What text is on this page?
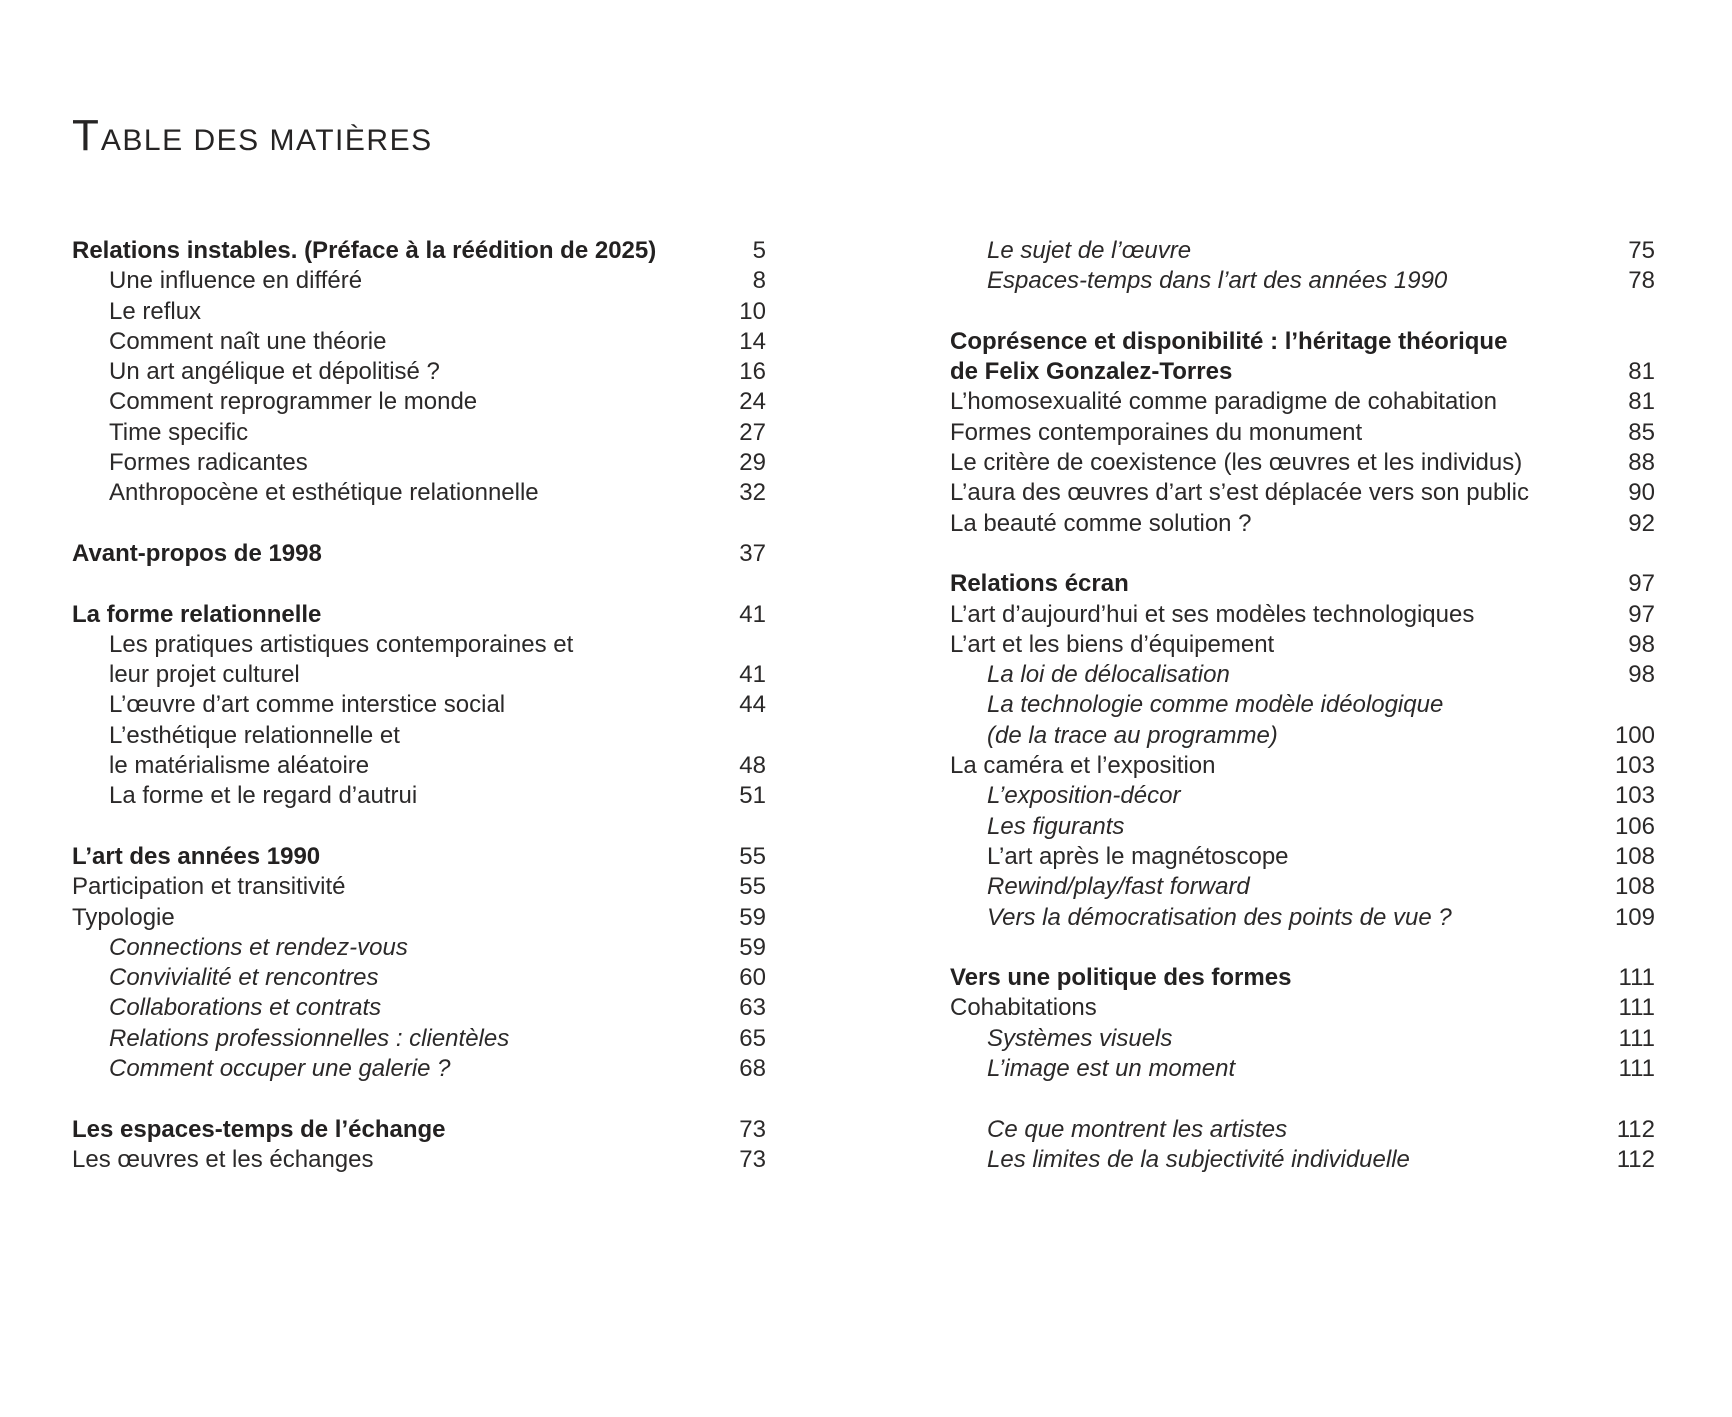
TABLE DES MATIÈRES
Relations instables. (Préface à la réédition de 2025)	5
Une influence en différé	8
Le reflux	10
Comment naît une théorie	14
Un art angélique et dépolitisé ?	16
Comment reprogrammer le monde	24
Time specific	27
Formes radicantes	29
Anthropocène et esthétique relationnelle	32
Avant-propos de 1998	37
La forme relationnelle	41
Les pratiques artistiques contemporaines et
leur projet culturel	41
L’œuvre d’art comme interstice social	44
L’esthétique relationnelle et
le matérialisme aléatoire	48
La forme et le regard d’autrui	51
L’art des années 1990	55
Participation et transitivité	55
Typologie	59
Connections et rendez-vous	59
Convivialité et rencontres	60
Collaborations et contrats	63
Relations professionnelles : clientèles	65
Comment occuper une galerie ?	68
Les espaces-temps de l’échange	73
Les œuvres et les échanges	73
Le sujet de l’œuvre	75
Espaces-temps dans l’art des années 1990	78
Coprésence et disponibilité : l’héritage théorique
de Felix Gonzalez-Torres	81
L’homosexualité comme paradigme de cohabitation	81
Formes contemporaines du monument	85
Le critère de coexistence (les œuvres et les individus)	88
L’aura des œuvres d’art s’est déplacée vers son public	90
La beauté comme solution ?	92
Relations écran	97
L’art d’aujourd’hui et ses modèles technologiques	97
L’art et les biens d’équipement	98
La loi de délocalisation	98
La technologie comme modèle idéologique
(de la trace au programme)	100
La caméra et l’exposition	103
L’exposition-décor	103
Les figurants	106
L’art après le magnétoscope	108
Rewind/play/fast forward	108
Vers la démocratisation des points de vue ?	109
Vers une politique des formes	111
Cohabitations	111
Systèmes visuels	111
L’image est un moment	111
Ce que montrent les artistes	112
Les limites de la subjectivité individuelle	112
